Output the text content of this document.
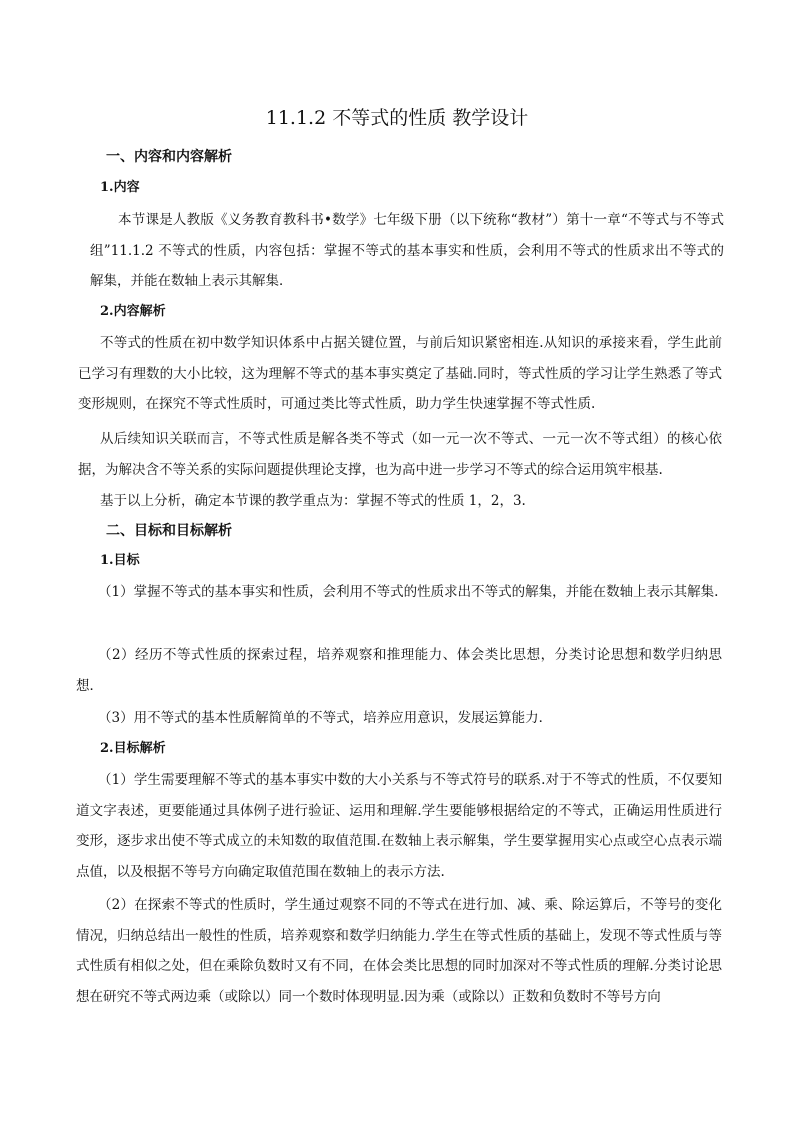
11.1.2 不等式的性质 教学设计
一、内容和内容解析
1.内容

本节课是人教版《义务教育教科书•数学》七年级下册（以下统称“教材”）第十一章“不等式与不等式组”11.1.2 不等式的性质，内容包括：掌握不等式的基本事实和性质，会利用不等式的性质求出不等式的解集，并能在数轴上表示其解集．

2.内容解析

不等式的性质在初中数学知识体系中占据关键位置，与前后知识紧密相连.从知识的承接来看，学生此前已学习有理数的大小比较，这为理解不等式的基本事实奠定了基础.同时，等式性质的学习让学生熟悉了等式变形规则，在探究不等式性质时，可通过类比等式性质，助力学生快速掌握不等式性质.

从后续知识关联而言，不等式性质是解各类不等式（如一元一次不等式、一元一次不等式组）的核心依据，为解决含不等关系的实际问题提供理论支撑，也为高中进一步学习不等式的综合运用筑牢根基.

基于以上分析，确定本节课的教学重点为：掌握不等式的性质 1，2，3.

二、目标和目标解析
1.目标

（1）掌握不等式的基本事实和性质，会利用不等式的性质求出不等式的解集，并能在数轴上表示其解集.

（2）经历不等式性质的探索过程，培养观察和推理能力、体会类比思想，分类讨论思想和数学归纳思想．

（3）用不等式的基本性质解简单的不等式，培养应用意识，发展运算能力．

2.目标解析

（1）学生需要理解不等式的基本事实中数的大小关系与不等式符号的联系.对于不等式的性质，不仅要知道文字表述，更要能通过具体例子进行验证、运用和理解.学生要能够根据给定的不等式，正确运用性质进行变形，逐步求出使不等式成立的未知数的取值范围.在数轴上表示解集，学生要掌握用实心点或空心点表示端点值，以及根据不等号方向确定取值范围在数轴上的表示方法.

（2）在探索不等式的性质时，学生通过观察不同的不等式在进行加、减、乘、除运算后，不等号的变化情况，归纳总结出一般性的性质，培养观察和数学归纳能力.学生在等式性质的基础上，发现不等式性质与等式性质有相似之处，但在乘除负数时又有不同，在体会类比思想的同时加深对不等式性质的理解.分类讨论思想在研究不等式两边乘（或除以）同一个数时体现明显.因为乘（或除以）正数和负数时不等号方向
